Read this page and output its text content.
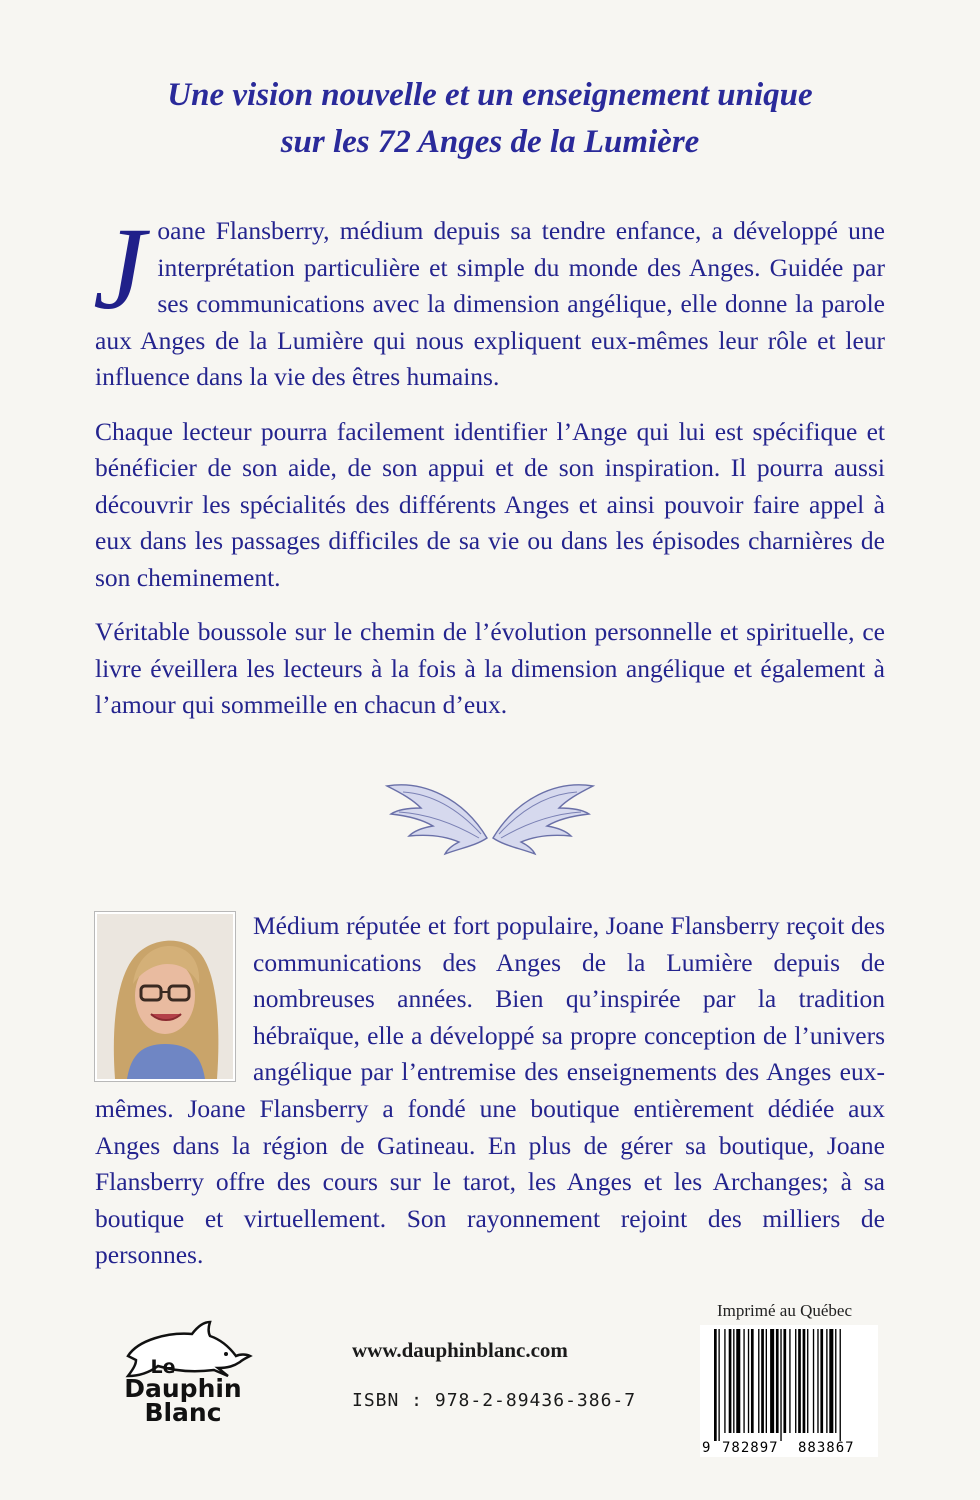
Une vision nouvelle et un enseignement unique
sur les 72 Anges de la Lumière

J oane Flansberry, médium depuis sa tendre enfance, a développé une interprétation particulière et simple du monde des Anges. Guidée par ses communications avec la dimension angélique, elle donne la parole aux Anges de la Lumière qui nous expliquent eux-mêmes leur rôle et leur influence dans la vie des êtres humains.

Chaque lecteur pourra facilement identifier l’Ange qui lui est spécifique et bénéficier de son aide, de son appui et de son inspiration. Il pourra aussi découvrir les spécialités des différents Anges et ainsi pouvoir faire appel à eux dans les passages difficiles de sa vie ou dans les épisodes charnières de son cheminement.

Véritable boussole sur le chemin de l’évolution personnelle et spirituelle, ce livre éveillera les lecteurs à la fois à la dimension angélique et également à l’amour qui sommeille en chacun d’eux.

Médium réputée et fort populaire, Joane Flansberry reçoit des communications des Anges de la Lumière depuis de nombreuses années. Bien qu’inspirée par la tradition hébraïque, elle a développé sa propre conception de l’univers angélique par l’entremise des enseignements des Anges eux-mêmes. Joane Flansberry a fondé une boutique entièrement dédiée aux Anges dans la région de Gatineau. En plus de gérer sa boutique, Joane Flansberry offre des cours sur le tarot, les Anges et les Archanges; à sa boutique et virtuellement. Son rayonnement rejoint des milliers de personnes.

Le
Dauphin
Blanc
www.dauphinblanc.com
ISBN : 978-2-89436-386-7
Imprimé au Québec
9 782897 883867
